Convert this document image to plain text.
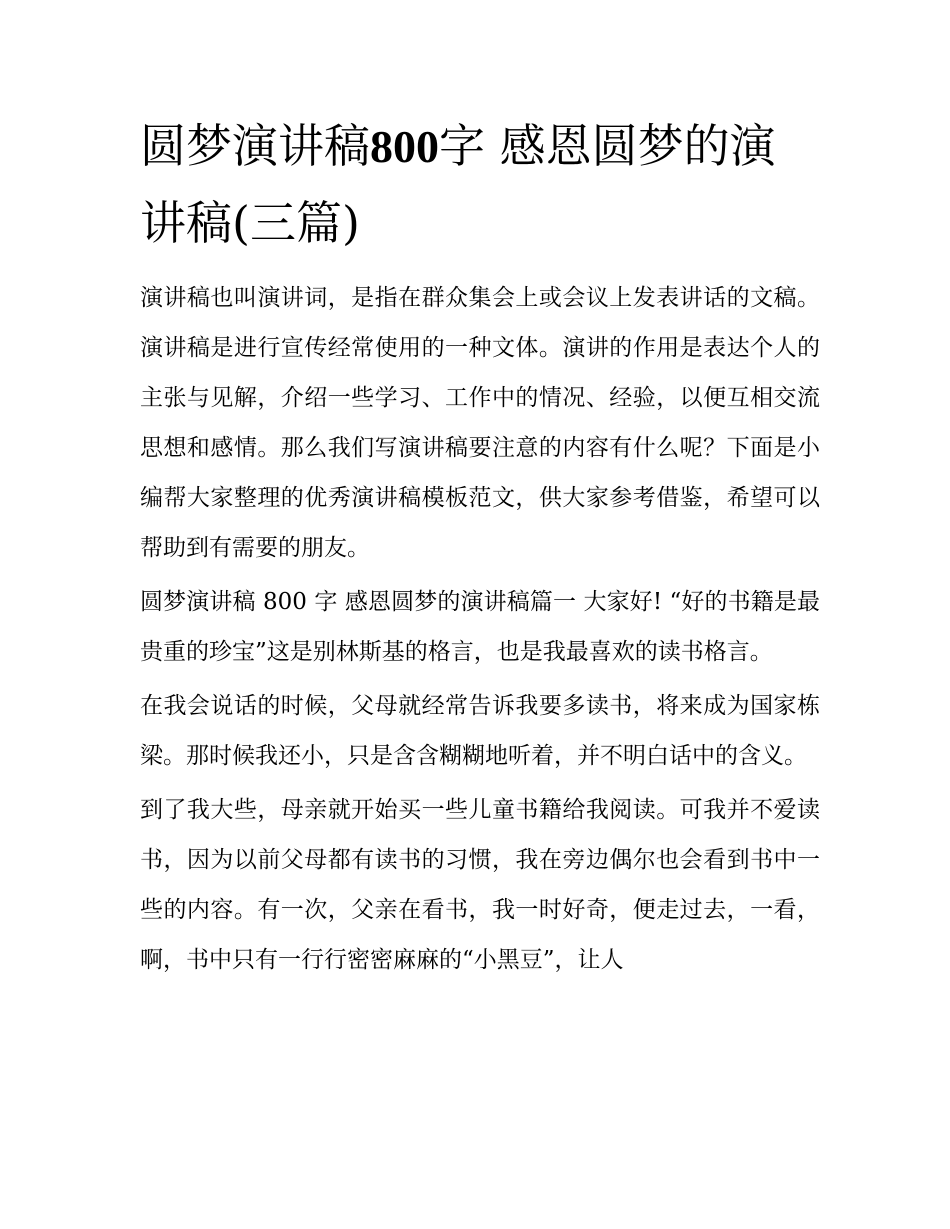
圆梦演讲稿800字 感恩圆梦的演讲稿(三篇)

演讲稿也叫演讲词，是指在群众集会上或会议上发表讲话的文稿。演讲稿是进行宣传经常使用的一种文体。演讲的作用是表达个人的主张与见解，介绍一些学习、工作中的情况、经验，以便互相交流思想和感情。那么我们写演讲稿要注意的内容有什么呢？下面是小编帮大家整理的优秀演讲稿模板范文，供大家参考借鉴，希望可以帮助到有需要的朋友。

圆梦演讲稿 800 字 感恩圆梦的演讲稿篇一 大家好! “好的书籍是最贵重的珍宝”这是别林斯基的格言，也是我最喜欢的读书格言。

在我会说话的时候，父母就经常告诉我要多读书，将来成为国家栋梁。那时候我还小，只是含含糊糊地听着，并不明白话中的含义。

到了我大些，母亲就开始买一些儿童书籍给我阅读。可我并不爱读书，因为以前父母都有读书的习惯，我在旁边偶尔也会看到书中一些的内容。有一次，父亲在看书，我一时好奇，便走过去，一看，啊，书中只有一行行密密麻麻的“小黑豆”，让人
